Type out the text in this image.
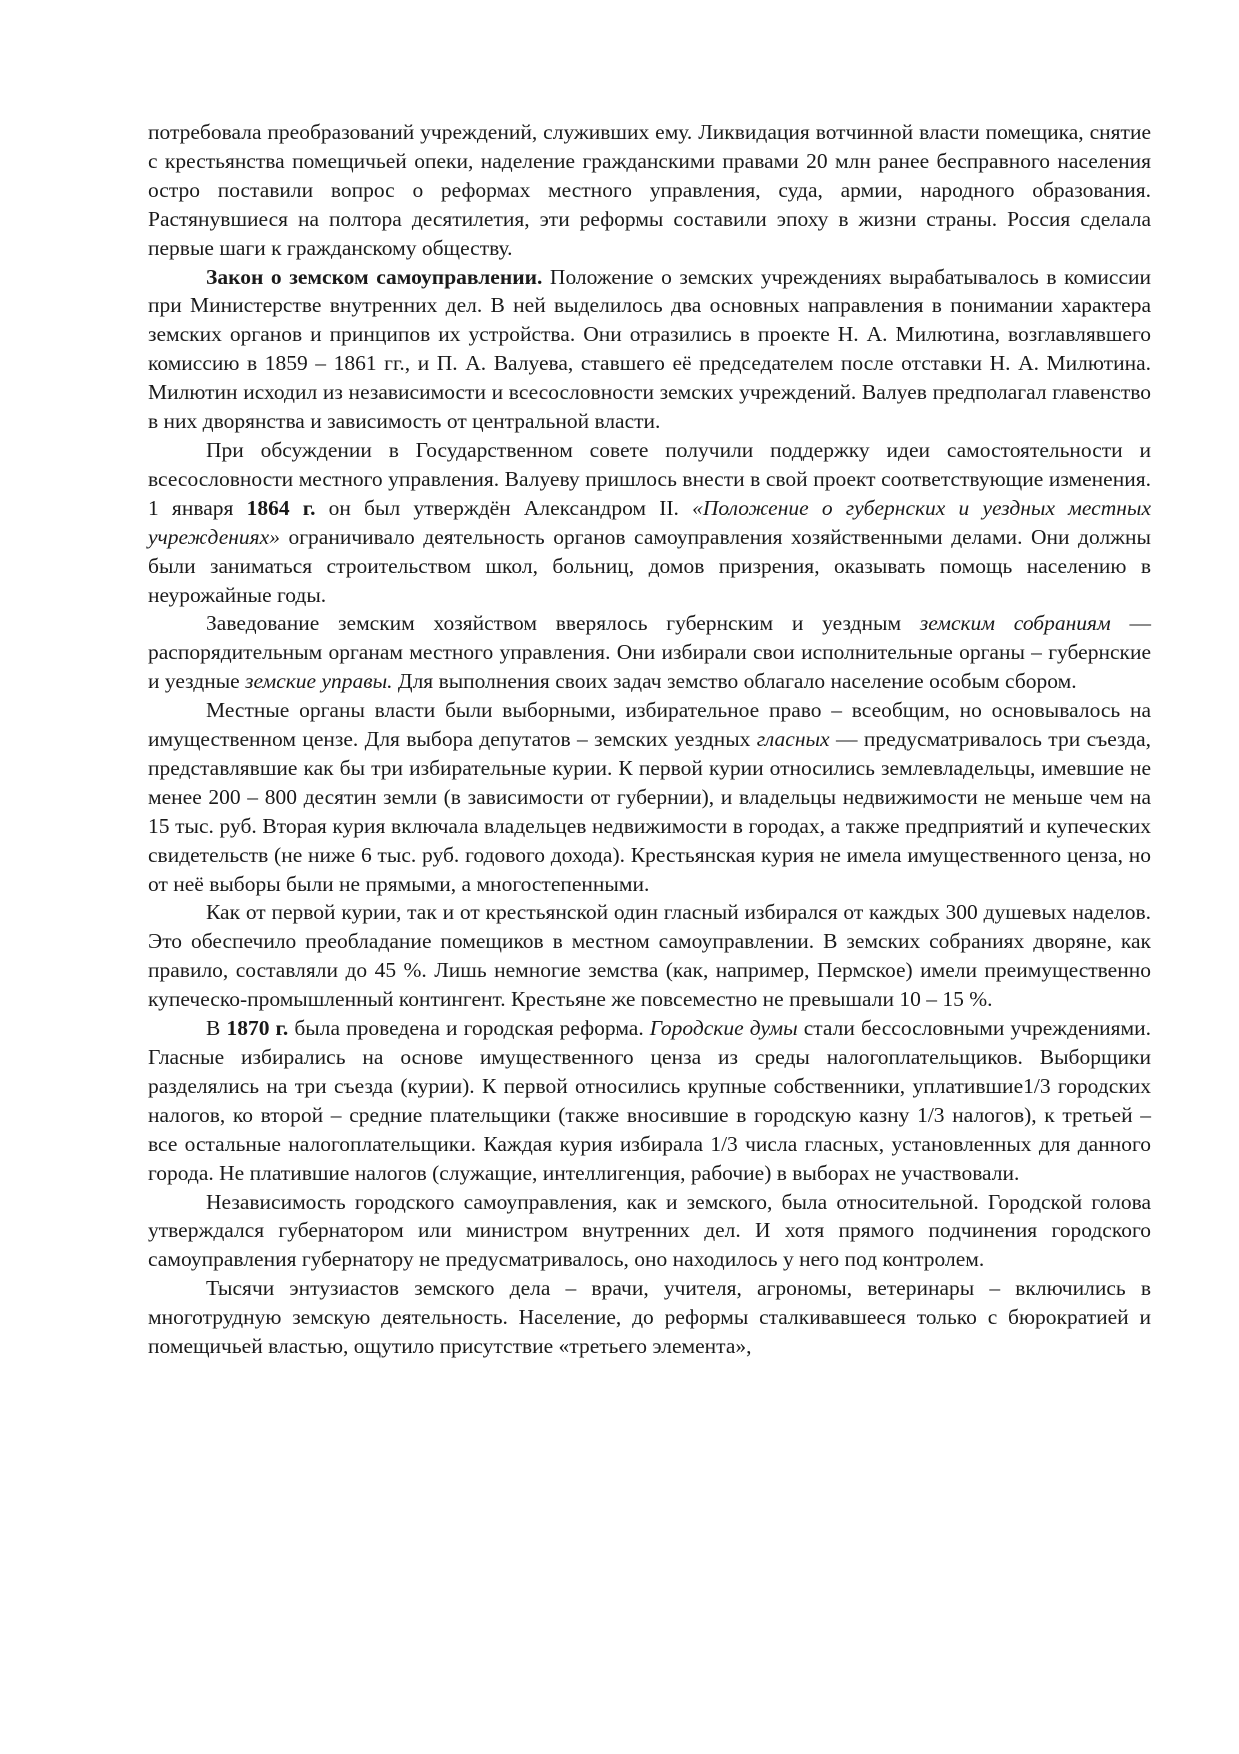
потребовала преобразований учреждений, служивших ему. Ликвидация вотчинной власти помещика, снятие с крестьянства помещичьей опеки, наделение гражданскими правами 20 млн ранее бесправного населения остро поставили вопрос о реформах местного управления, суда, армии, народного образования. Растянувшиеся на полтора десятилетия, эти реформы составили эпоху в жизни страны. Россия сделала первые шаги к гражданскому обществу.

Закон о земском самоуправлении. Положение о земских учреждениях вырабатывалось в комиссии при Министерстве внутренних дел. В ней выделилось два основных направления в понимании характера земских органов и принципов их устройства. Они отразились в проекте Н. А. Милютина, возглавлявшего комиссию в 1859 – 1861 гг., и П. А. Валуева, ставшего её председателем после отставки Н. А. Милютина. Милютин исходил из независимости и всесословности земских учреждений. Валуев предполагал главенство в них дворянства и зависимость от центральной власти.

При обсуждении в Государственном совете получили поддержку идеи самостоятельности и всесословности местного управления. Валуеву пришлось внести в свой проект соответствующие изменения. 1 января 1864 г. он был утверждён Александром II. «Положение о губернских и уездных местных учреждениях» ограничивало деятельность органов самоуправления хозяйственными делами. Они должны были заниматься строительством школ, больниц, домов призрения, оказывать помощь населению в неурожайные годы.

Заведование земским хозяйством вверялось губернским и уездным земским собраниям — распорядительным органам местного управления. Они избирали свои исполнительные органы – губернские и уездные земские управы. Для выполнения своих задач земство облагало население особым сбором.

Местные органы власти были выборными, избирательное право – всеобщим, но основывалось на имущественном цензе. Для выбора депутатов – земских уездных гласных — предусматривалось три съезда, представлявшие как бы три избирательные курии. К первой курии относились землевладельцы, имевшие не менее 200 – 800 десятин земли (в зависимости от губернии), и владельцы недвижимости не меньше чем на 15 тыс. руб. Вторая курия включала владельцев недвижимости в городах, а также предприятий и купеческих свидетельств (не ниже 6 тыс. руб. годового дохода). Крестьянская курия не имела имущественного ценза, но от неё выборы были не прямыми, а многостепенными.

Как от первой курии, так и от крестьянской один гласный избирался от каждых 300 душевых наделов. Это обеспечило преобладание помещиков в местном самоуправлении. В земских собраниях дворяне, как правило, составляли до 45 %. Лишь немногие земства (как, например, Пермское) имели преимущественно купеческо-промышленный контингент. Крестьяне же повсеместно не превышали 10 – 15 %.

В 1870 г. была проведена и городская реформа. Городские думы стали бессословными учреждениями. Гласные избирались на основе имущественного ценза из среды налогоплательщиков. Выборщики разделялись на три съезда (курии). К первой относились крупные собственники, уплатившие1/3 городских налогов, ко второй – средние плательщики (также вносившие в городскую казну 1/3 налогов), к третьей – все остальные налогоплательщики. Каждая курия избирала 1/3 числа гласных, установленных для данного города. Не платившие налогов (служащие, интеллигенция, рабочие) в выборах не участвовали.

Независимость городского самоуправления, как и земского, была относительной. Городской голова утверждался губернатором или министром внутренних дел. И хотя прямого подчинения городского самоуправления губернатору не предусматривалось, оно находилось у него под контролем.

Тысячи энтузиастов земского дела – врачи, учителя, агрономы, ветеринары – включились в многотрудную земскую деятельность. Население, до реформы сталкивавшееся только с бюрократией и помещичьей властью, ощутило присутствие «третьего элемента»,
